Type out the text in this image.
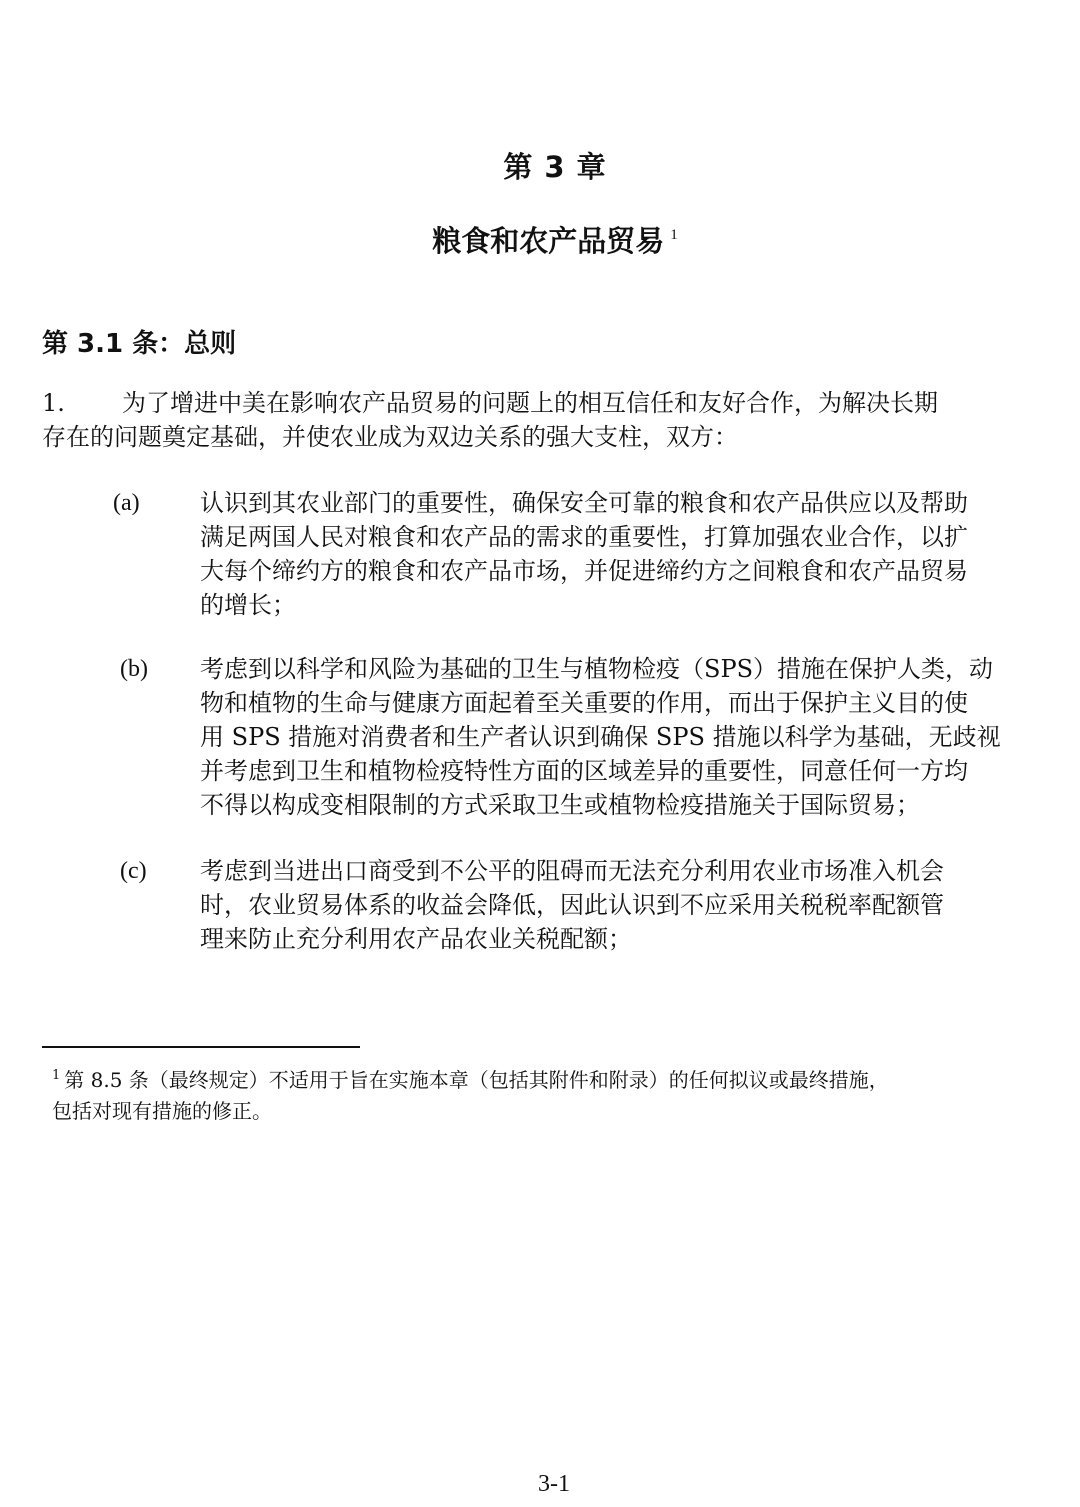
第 3 章
粮食和农产品贸易 $^1$
第 3.1 条：总则
1. 为了增进中美在影响农产品贸易的问题上的相互信任和友好合作，为解决长期
存在的问题奠定基础，并使农业成为双边关系的强大支柱，双方：
(a)	认识到其农业部门的重要性，确保安全可靠的粮食和农产品供应以及帮助
满足两国人民对粮食和农产品的需求的重要性，打算加强农业合作，以扩
大每个缔约方的粮食和农产品市场，并促进缔约方之间粮食和农产品贸易
的增长；
(b) 考虑到以科学和风险为基础的卫生与植物检疫（SPS）措施在保护人类，动
物和植物的生命与健康方面起着至关重要的作用，而出于保护主义目的使
用 SPS 措施对消费者和生产者认识到确保 SPS 措施以科学为基础，无歧视
并考虑到卫生和植物检疫特性方面的区域差异的重要性，同意任何一方均
不得以构成变相限制的方式采取卫生或植物检疫措施关于国际贸易；
(c) 考虑到当进出口商受到不公平的阻碍而无法充分利用农业市场准入机会
时，农业贸易体系的收益会降低，因此认识到不应采用关税税率配额管
理来防止充分利用农产品农业关税配额；
$^1$ 第 8.5 条（最终规定）不适用于旨在实施本章（包括其附件和附录）的任何拟议或最终措施，
包括对现有措施的修正。
3-1
